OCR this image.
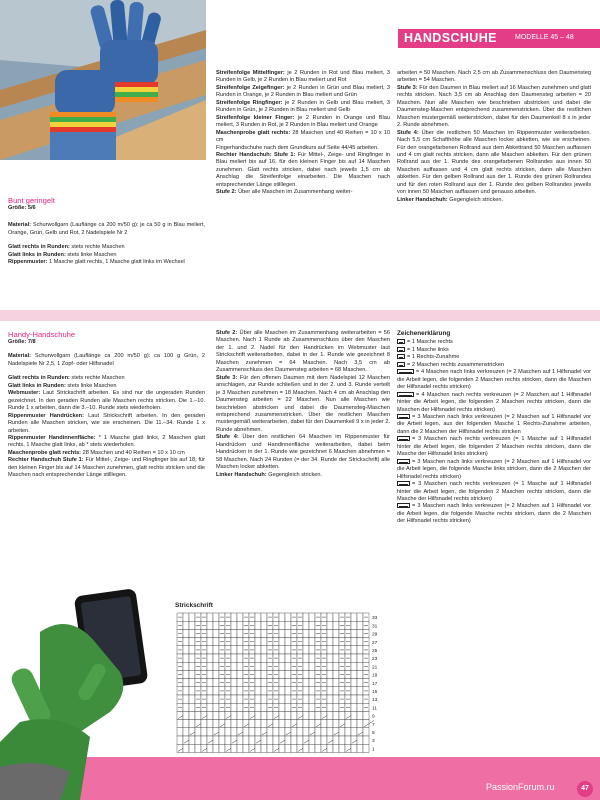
HANDSCHUHE	MODELLE 45 – 48

Bunt geringelt

Größe: 5/6

Material: Schurwollgarn (Lauflänge ca 200 m/50 g): je ca 50 g in Blau meliert, Orange, Grün, Gelb und Rot, 2 Nadelspiele Nr 2

Glatt rechts in Runden: stets rechte Maschen

Glatt links in Runden: stets linke Maschen

Rippenmuster: 1 Masche glatt rechts, 1 Masche glatt links im Wechsel

Streifenfolge Mittelfinger: je 2 Runden in Rot und Blau meliert, 3 Runden in Gelb, je 2 Runden in Blau meliert und Rot

Streifenfolge Zeigefinger: je 2 Runden in Grün und Blau meliert, 3 Runden in Orange, je 2 Runden in Blau meliert und Grün

Streifenfolge Ringfinger: je 2 Runden in Gelb und Blau meliert, 3 Runden in Grün, je 2 Runden in Blau meliert und Gelb

Streifenfolge kleiner Finger: je 2 Runden in Orange und Blau meliert, 3 Runden in Rot, je 2 Runden in Blau meliert und Orange

Maschenprobe glatt rechts: 28 Maschen und 40 Reihen = 10 x 10 cm

Fingerhandschuhe nach dem Grundkurs auf Seite 44/45 arbeiten.

Rechter Handschuh: Stufe 1: Für Mittel-, Zeige- und Ringfinger in Blau meliert bis auf 16, für den kleinen Finger bis auf 14 Maschen zunehmen. Glatt rechts stricken, dabei nach jeweils 1,5 cm ab Anschlag die Streifenfolge einarbeiten. Die Maschen nach entsprechender Länge stilllegen.

Stufe 2: Über alle Maschen im Zusammenhang weiter-

arbeiten = 50 Maschen. Nach 2,5 cm ab Zusammenschluss den Daumensteg arbeiten = 54 Maschen.

Stufe 3: Für den Daumen in Blau meliert auf 16 Maschen zunehmen und glatt rechts stricken. Nach 3,5 cm ab Anschlag den Daumensteg arbeiten = 20 Maschen. Nun alle Maschen wie beschrieben abstricken und dabei die Daumensteg-Maschen entsprechend zusammenstricken. Über die restlichen Maschen mustergemäß weiterstricken, dabei für den Daumenkeil 8 x in jeder 2. Runde abnehmen.

Stufe 4: Über die restlichen 50 Maschen im Rippenmuster weiterarbeiten. Nach 5,5 cm Schafthöhe alle Maschen locker abketten, wie sie erscheinen. Für den orangefarbenen Rollrand aus dem Abkettrand 50 Maschen auffassen und 4 cm glatt rechts stricken, dann alle Maschen abketten. Für den grünen Rollrand aus der 1. Runde des orangefarbenen Rollrandes aus innen 50 Maschen auffassen und 4 cm glatt rechts stricken, dann alle Maschen abketten. Für den gelben Rollrand aus der 1. Runde des grünen Rollrandes und für den roten Rollrand aus der 1. Runde des gelben Rollrandes jeweils von innen 50 Maschen auffassen und genauso arbeiten.

Linker Handschuh: Gegengleich stricken.

Handy-Handschuhe

Größe: 7/8

Material: Schurwollgarn (Lauflänge ca 200 m/50 g): ca 100 g Grün, 2 Nadelspiele Nr 2,5, 1 Zopf- oder Hilfsnadel

Glatt rechts in Runden: stets rechte Maschen

Glatt links in Runden: stets linke Maschen

Webmuster: Laut Strickschrift arbeiten. Es sind nur die ungeraden Runden gezeichnet. In den geraden Runden alle Maschen rechts stricken. Die 1.–10. Runde 1 x arbeiten, dann die 3.–10. Runde stets wiederholen.

Rippenmuster Handrücken: Laut Strickschrift arbeiten. In den geraden Runden alle Maschen stricken, wie sie erscheinen. Die 11.–34. Runde 1 x arbeiten.

Rippenmuster Handinnenfläche: * 1 Masche glatt links, 2 Maschen glatt rechts, 1 Masche glatt links, ab * stets wiederholen.

Maschenprobe glatt rechts: 28 Maschen und 40 Reihen = 10 x 10 cm

Rechter Handschuh Stufe 1: Für Mittel-, Zeige- und Ringfinger bis auf 18, für den kleinen Finger bis auf 14 Maschen zunehmen, glatt rechts stricken und die Maschen nach entsprechender Länge stilllegen.

Stufe 2: Über alle Maschen im Zusammenhang weiterarbeiten = 56 Maschen. Nach 1 Runde ab Zusammenschluss über den Maschen der 1. und 2. Nadel für den Handrücken im Webmuster laut Strickschrift weiterarbeiten, dabei in der 1. Runde wie gezeichnet 8 Maschen zunehmen = 64 Maschen. Nach 3,5 cm ab Zusammenschluss den Daumensteg arbeiten = 68 Maschen.

Stufe 3: Für den offenen Daumen mit dem Nadelspiel 12 Maschen anschlagen, zur Runde schließen und in der 2. und 3. Runde verteilt je 3 Maschen zunehmen = 18 Maschen. Nach 4 cm ab Anschlag den Daumensteg arbeiten = 22 Maschen. Nun alle Maschen wie beschrieben abstricken und dabei die Daumensteg-Maschen entsprechend zusammenstricken. Über die restlichen Maschen mustergemäß weiterarbeiten, dabei für den Daumenkeil 9 x in jeder 2. Runde abnehmen.

Stufe 4: Über den restlichen 64 Maschen im Rippenmuster für Handrücken und Handinnenfläche weiterarbeiten, dabei beim Handrücken in der 1. Runde wie gezeichnet 6 Maschen abnehmen = 58 Maschen. Nach 24 Runden (= der 34. Runde der Strickschrift) alle Maschen locker abketten.

Linker Handschuh: Gegengleich stricken.

Zeichenerklärung

= 1 Masche rechts

= 1 Masche links

= 1 Rechts-Zunahme

= 2 Maschen rechts zusammenstricken

= 4 Maschen nach links verkreuzen (= 2 Maschen auf 1 Hilfsnadel vor die Arbeit legen, die folgenden 2 Maschen rechts stricken, dann die Maschen der Hilfsnadel rechts stricken)

= 4 Maschen nach rechts verkreuzen (= 2 Maschen auf 1 Hilfsnadel hinter die Arbeit legen, die folgenden 2 Maschen rechts stricken, dann die Maschen der Hilfsnadel rechts stricken)

= 3 Maschen nach links verkreuzen (= 2 Maschen auf 1 Hilfsnadel vor die Arbeit legen, aus der folgenden Masche 1 Rechts-Zunahme arbeiten, dann die 2 Maschen der Hilfsnadel rechts stricken

= 3 Maschen nach rechts verkreuzen (= 1 Masche auf 1 Hilfsnadel hinter die Arbeit legen, die folgenden 2 Maschen rechts stricken, dann die Masche der Hilfsnadel links stricken)

= 3 Maschen nach links verkreuzen (= 2 Maschen auf 1 Hilfsnadel vor die Arbeit legen, die folgende Masche links stricken, dann die 2 Maschen der Hilfsnadel rechts stricken)

= 3 Maschen nach rechts verkreuzen (= 1 Masche auf 1 Hilfsnadel hinter die Arbeit legen, die folgenden 2 Maschen rechts stricken, dann die Masche der Hilfsnadel rechts stricken)

= 3 Maschen nach links verkreuzen (= 2 Maschen auf 1 Hilfsnadel vor die Arbeit legen, die folgende Masche rechts stricken, dann die 2 Maschen der Hilfsnadel rechts stricken)

Strickschrift
33
31
29
27
25
23
21
19
17
15
13
11
9
7
5
3
1
PassionForum.ru	47
